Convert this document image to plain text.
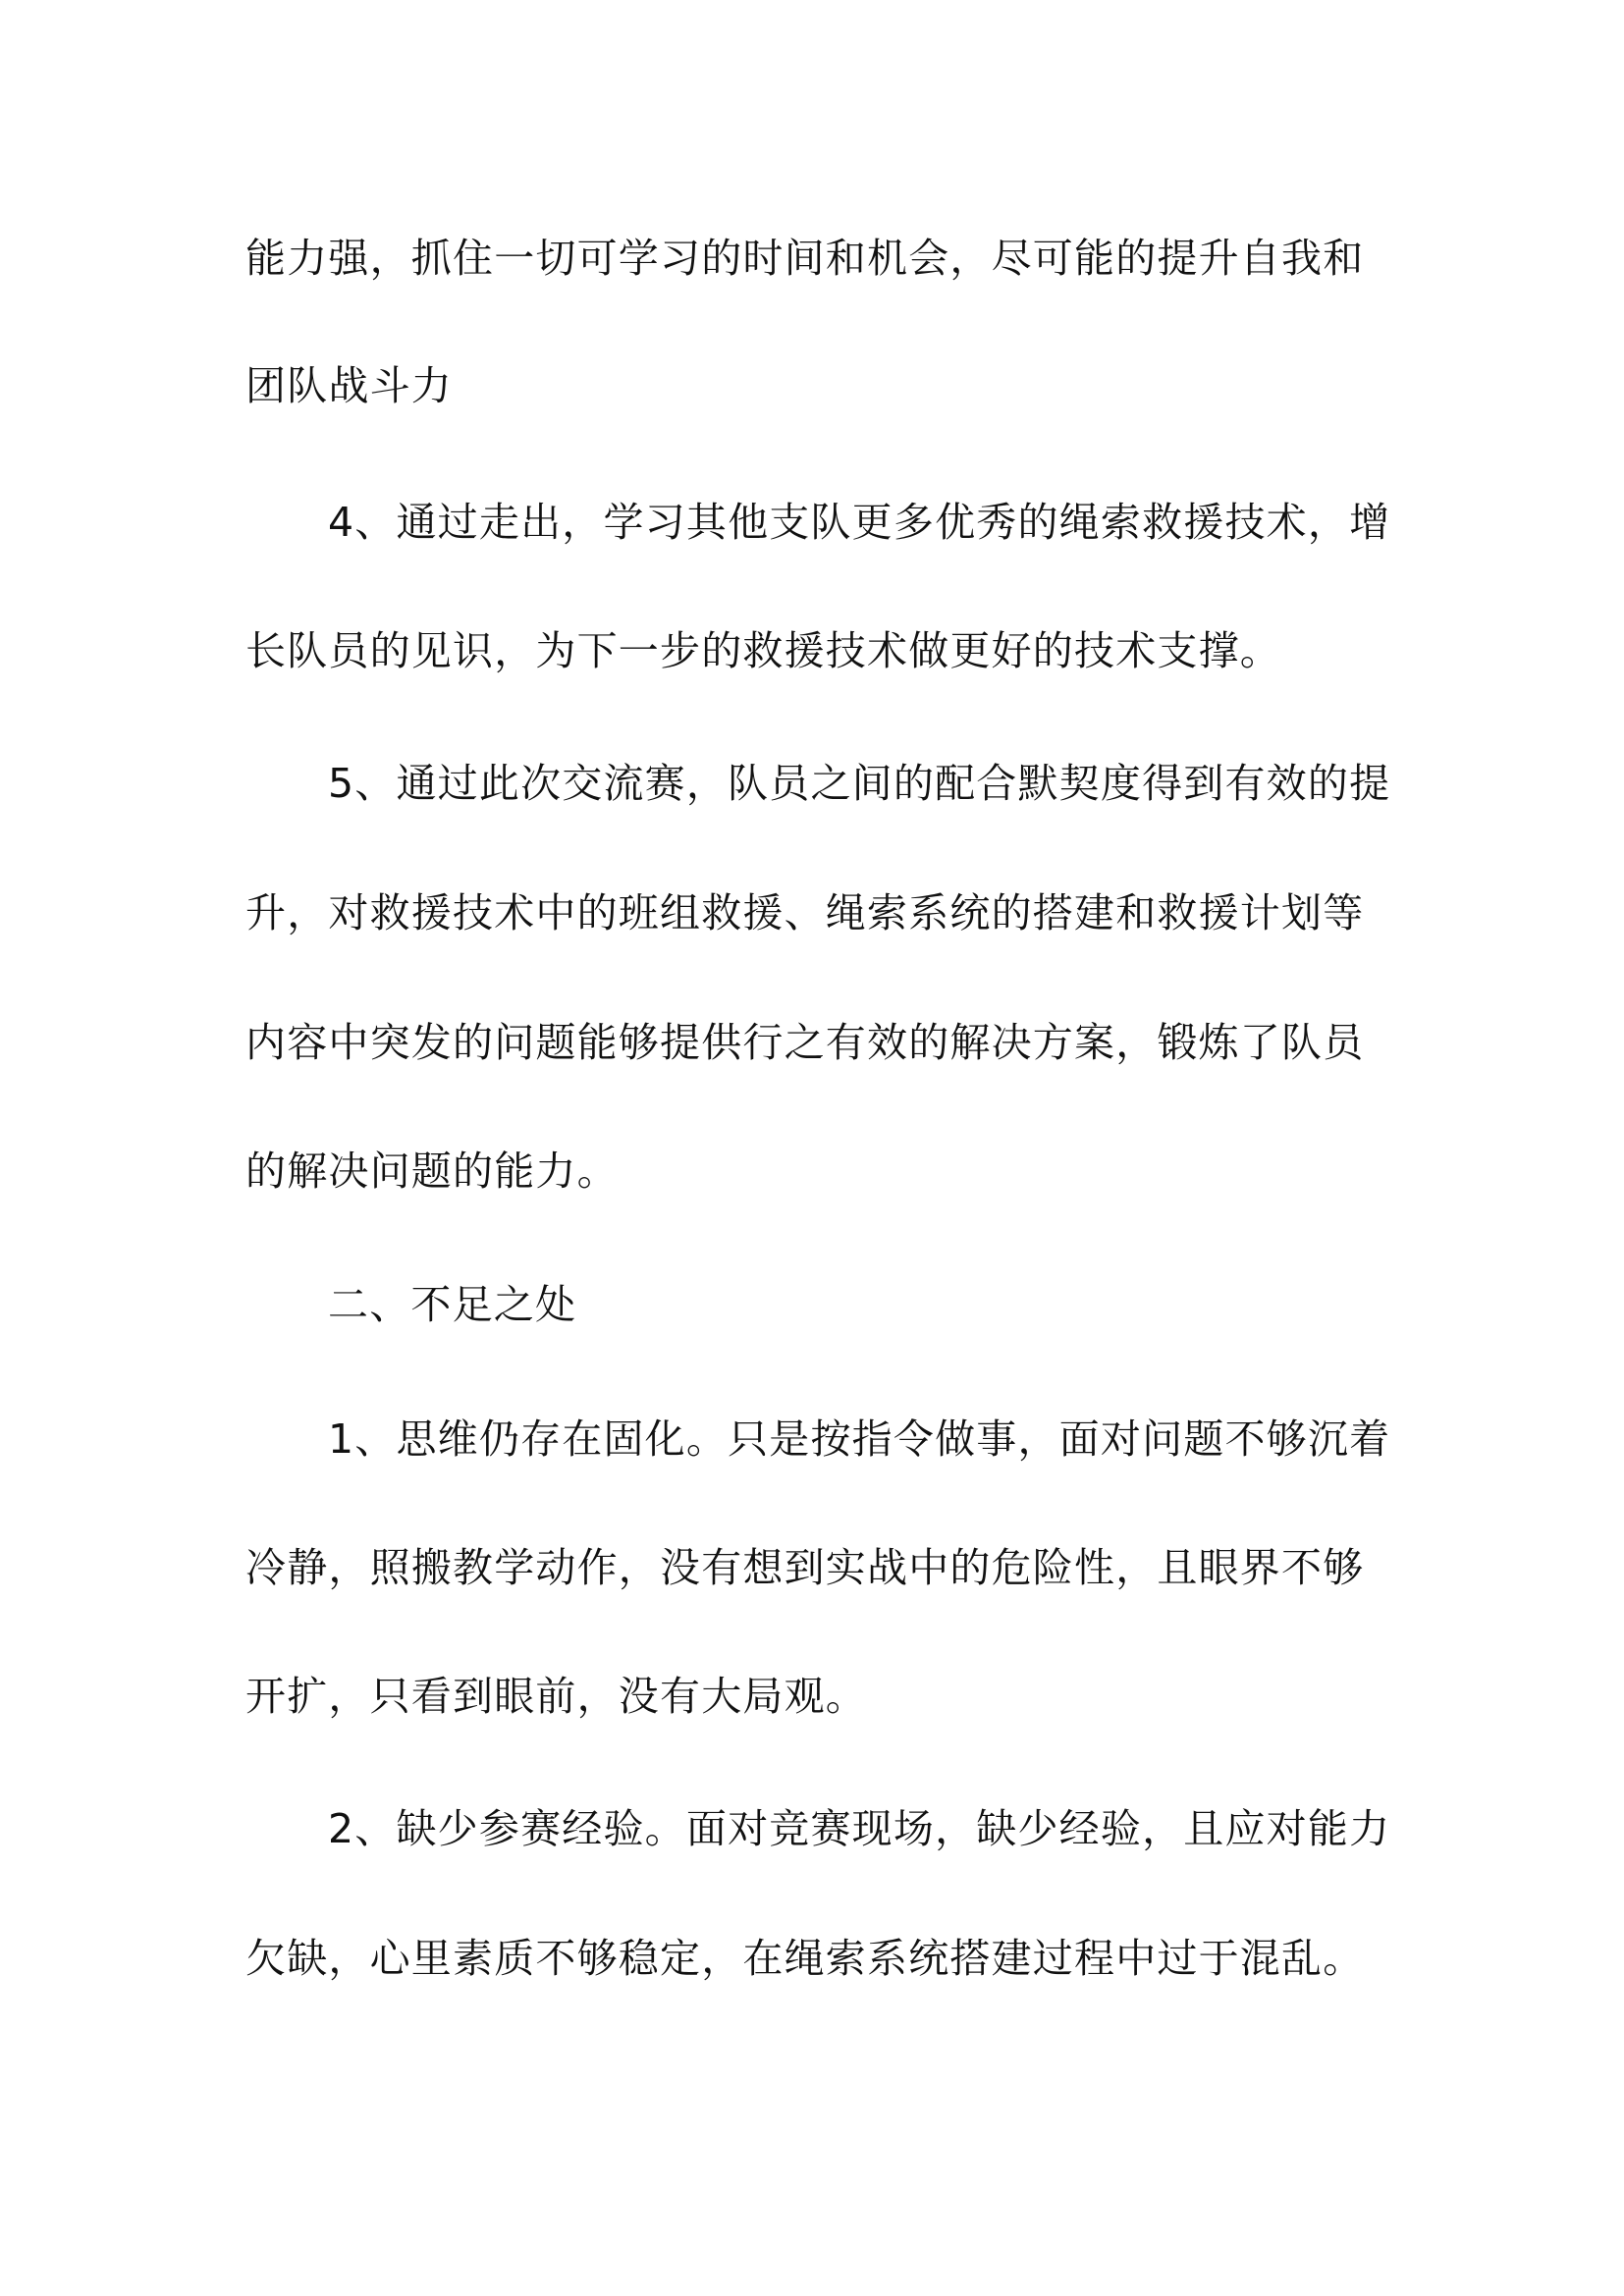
能力强，抓住一切可学习的时间和机会，尽可能的提升自我和

团队战斗力

4、通过走出，学习其他支队更多优秀的绳索救援技术，增

长队员的见识，为下一步的救援技术做更好的技术支撑。

5、通过此次交流赛，队员之间的配合默契度得到有效的提

升，对救援技术中的班组救援、绳索系统的搭建和救援计划等

内容中突发的问题能够提供行之有效的解决方案，锻炼了队员

的解决问题的能力。

二、不足之处

1、思维仍存在固化。只是按指令做事，面对问题不够沉着

冷静，照搬教学动作，没有想到实战中的危险性，且眼界不够

开扩，只看到眼前，没有大局观。

2、缺少参赛经验。面对竞赛现场，缺少经验，且应对能力

欠缺，心里素质不够稳定，在绳索系统搭建过程中过于混乱。
